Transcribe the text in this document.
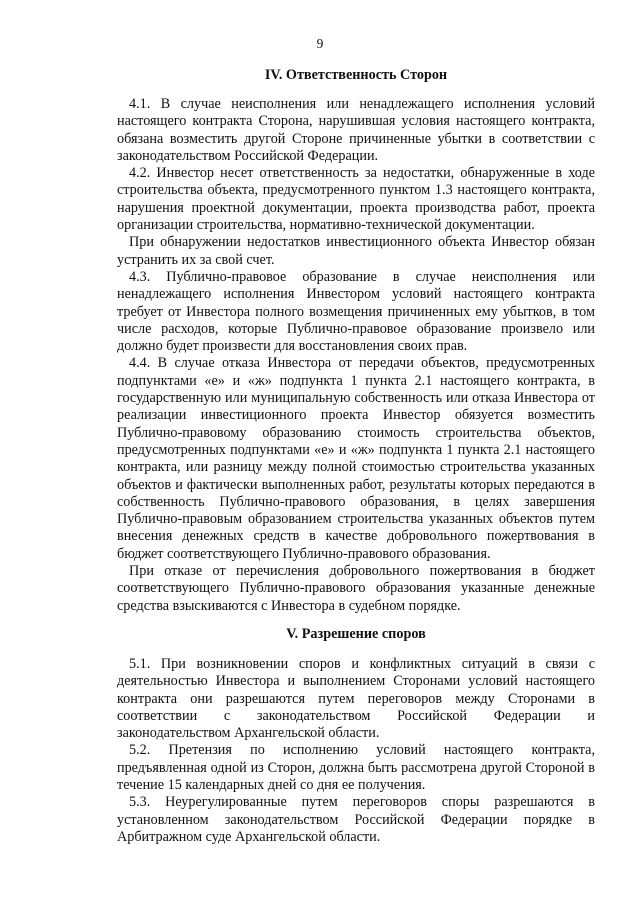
9
IV. Ответственность Сторон

4.1. В случае неисполнения или ненадлежащего исполнения условий настоящего контракта Сторона, нарушившая условия настоящего контракта, обязана возместить другой Стороне причиненные убытки в соответствии с законодательством Российской Федерации.

4.2. Инвестор несет ответственность за недостатки, обнаруженные в ходе строительства объекта, предусмотренного пунктом 1.3 настоящего контракта, нарушения проектной документации, проекта производства работ, проекта организации строительства, нормативно-технической документации.

При обнаружении недостатков инвестиционного объекта Инвестор обязан устранить их за свой счет.

4.3. Публично-правовое образование в случае неисполнения или ненадлежащего исполнения Инвестором условий настоящего контракта требует от Инвестора полного возмещения причиненных ему убытков, в том числе расходов, которые Публично-правовое образование произвело или должно будет произвести для восстановления своих прав.

4.4. В случае отказа Инвестора от передачи объектов, предусмотренных подпунктами «е» и «ж» подпункта 1 пункта 2.1 настоящего контракта, в государственную или муниципальную собственность или отказа Инвестора от реализации инвестиционного проекта Инвестор обязуется возместить Публично-правовому образованию стоимость строительства объектов, предусмотренных подпунктами «е» и «ж» подпункта 1 пункта 2.1 настоящего контракта, или разницу между полной стоимостью строительства указанных объектов и фактически выполненных работ, результаты которых передаются в собственность Публично-правового образования, в целях завершения Публично-правовым образованием строительства указанных объектов путем внесения денежных средств в качестве добровольного пожертвования в бюджет соответствующего Публично-правового образования.

При отказе от перечисления добровольного пожертвования в бюджет соответствующего Публично-правового образования указанные денежные средства взыскиваются с Инвестора в судебном порядке.

V. Разрешение споров

5.1. При возникновении споров и конфликтных ситуаций в связи с деятельностью Инвестора и выполнением Сторонами условий настоящего контракта они разрешаются путем переговоров между Сторонами в соответствии с законодательством Российской Федерации и законодательством Архангельской области.

5.2. Претензия по исполнению условий настоящего контракта, предъявленная одной из Сторон, должна быть рассмотрена другой Стороной в течение 15 календарных дней со дня ее получения.

5.3. Неурегулированные путем переговоров споры разрешаются в установленном законодательством Российской Федерации порядке в Арбитражном суде Архангельской области.
